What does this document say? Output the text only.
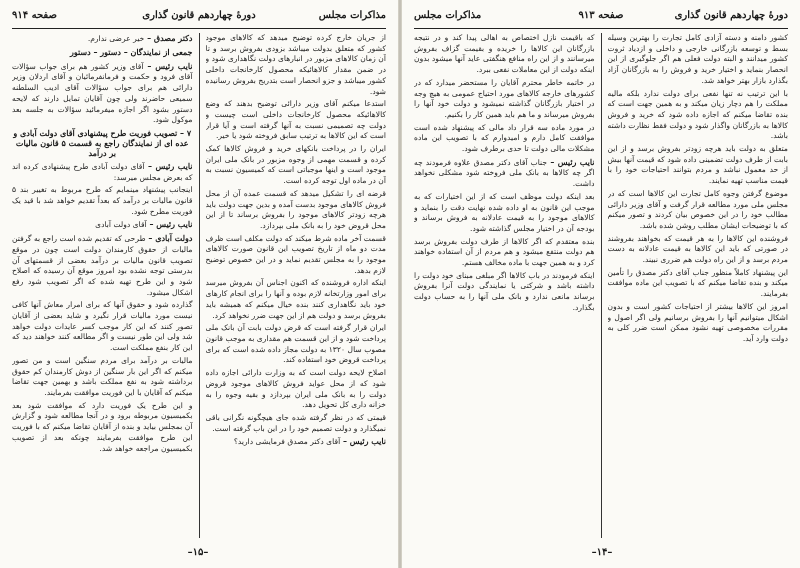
مذاکرات مجلس
دورهٔ چهاردهم قانون گذاری
صفحه ۹۱۴

از جریان خارج کرده توضیح میدهد که کالاهای موجود کشور که متعلق بدولت میباشد بزودی بفروش برسد و تا آن زمان کالاهای مزبور در انبارهای دولت نگاهداری شود و در ضمن مقدار کالاهائیکه محصول کارخانجات داخلی کشور میباشد و جزو انحصار است بتدریج بفروش رسانیده شود.

استدعا میکنم آقای وزیر دارائی توضیح بدهند که وضع کالاهائیکه محصول کارخانجات داخلی است چیست و دولت چه تصمیمی نسبت به آنها گرفته است و آیا قرار است که این کالاها به ترتیب سابق فروخته شود یا خیر.

ایران را در پرداخت بانکهای خرید و فروش کالاها کمک کرده و قسمت مهمی از وجوه مزبور در بانک ملی ایران موجود است و اینها موجباتی است که کمیسیون نسبت به آن در ماده اول توجه کرده است.

قرضه ای را تشکیل میدهد که قسمت عمده آن از محل فروش کالاهای موجود بدست آمده و بدین جهت دولت باید هرچه زودتر کالاهای موجود را بفروش برساند تا از این محل قروض خود را به بانک ملی بپردازد.

قسمت آخر ماده شرط میکند که دولت مکلف است ظرف مدت دو ماه از تاریخ تصویب این قانون صورت کالاهای موجود را به مجلس تقدیم نماید و در این خصوص توضیح لازم بدهد.

اینکه اداره فروشنده که اکنون اجناس آن بفروش میرسد برای امور وزارتخانه لازم بوده و آنها را برای انجام کارهای خود باید نگاهداری کنند بنده خیال میکنم که همیشه باید بفروش برسد و دولت هم از این جهت ضرر نخواهد کرد.

ایران قرار گرفته است که قرض دولت بابت آن بانک ملی پرداخت شود و از این قسمت هم مقداری به موجب قانون مصوب سال ۱۳۲۰ به دولت مجاز داده شده است که برای پرداخت قروض خود استفاده کند.

اصلاح لایحه دولت است که به وزارت دارائی اجازه داده شود که از محل عواید فروش کالاهای موجود قروض دولت را به بانک ملی ایران بپردازد و بقیه وجوه را به خزانه داری کل تحویل دهد.

قیمتی که در نظر گرفته شده جای هیچگونه نگرانی باقی نمیگذارد و دولت تصمیم خود را در این باب گرفته است.

نایب رئیس – آقای دکتر مصدق فرمایشی دارید؟

دکتر مصدق – خیر عرضی ندارم.

جمعی از نمایندگان – دستور – دستور

نایب رئیس – آقای وزیر کشور هم برای جواب سؤالات آقای فرود و حکمت و فرمانفرمائیان و آقای اردلان وزیر دارائی هم برای جواب سؤالات آقای ادیب السلطنه سمیعی حاضرند ولی چون آقایان تمایل دارند که لایحه دستور بشود اگر اجازه میفرمائید سؤالات به جلسه بعد موکول شود.

۷ – تصویب فوریت طرح پیشنهادی آقای دولت آبادی و عده ای از نمایندگان راجع به قسمت ۵ قانون مالیات بر درآمد

نایب رئیس – آقای دولت آبادی طرح پیشنهادی کرده اند که بعرض مجلس میرسد:

اینجانب پیشنهاد مینمایم که طرح مربوط به تغییر بند ۵ قانون مالیات بر درآمد که بعداً تقدیم خواهد شد با قید یک فوریت مطرح شود.

نایب رئیس – آقای دولت آبادی

دولت آبادی – طرحی که تقدیم شده است راجع به گرفتن مالیات از حقوق کارمندان دولت است چون در موقع تصویب قانون مالیات بر درآمد بعضی از قسمتهای آن بدرستی توجه نشده بود امروز موقع آن رسیده که اصلاح شود و این طرح تهیه شده که اگر تصویب شود رفع اشکال میشود.

گذارده شود و حقوق آنها که برای امرار معاش آنها کافی نیست مورد مالیات قرار نگیرد و شاید بعضی از آقایان تصور کنند که این کار موجب کسر عایدات دولت خواهد شد ولی این طور نیست و اگر مطالعه کنند خواهند دید که این کار بنفع مملکت است.

مالیات بر درآمد برای مردم سنگین است و من تصور میکنم که اگر این بار سنگین از دوش کارمندان کم حقوق برداشته شود به نفع مملکت باشد و بهمین جهت تقاضا میکنم که آقایان با این فوریت موافقت بفرمایند.

و این طرح یک فوریت دارد که موافقت شود بعد بکمیسیون مربوطه برود و در آنجا مطالعه شود و گزارش آن بمجلس بیاید و بنده از آقایان تقاضا میکنم که با فوریت این طرح موافقت بفرمایند چونکه بعد از تصویب بکمیسیون مراجعه خواهد شد.

–۱۵–
دورهٔ چهاردهم قانون گذاری
صفحه ۹۱۳
مذاکرات مجلس

کشور دامنه و دسته آزادی کامل تجارت را بهترین وسیله بسط و توسعه بازرگانی خارجی و داخلی و ازدیاد ثروت کشور میدانند و البته دولت فعلی هم اگر جلوگیری از این انحصار بنماید و اختیار خرید و فروش را به بازرگانان آزاد بگذارد بازار بهتر خواهد شد.

با این ترتیب نه تنها نفعی برای دولت ندارد بلکه مالیه مملکت را هم دچار زیان میکند و به همین جهت است که بنده تقاضا میکنم که اجازه داده شود که خرید و فروش کالاها به بازرگانان واگذار شود و دولت فقط نظارت داشته باشد.

متعلق به دولت باید هرچه زودتر بفروش برسد و از این بابت از طرف دولت تضمینی داده شود که قیمت آنها بیش از حد معمول نباشد و مردم بتوانند احتیاجات خود را با قیمت مناسب تهیه نمایند.

موضوع گرفتن وجوه کامل تجارت این کالاها است که در مجلس ملی مورد مطالعه قرار گرفت و آقای وزیر دارائی مطالب خود را در این خصوص بیان کردند و تصور میکنم که با توضیحات ایشان مطلب روشن شده باشد.

فروشنده این کالاها را به هر قیمت که بخواهند بفروشند در صورتی که باید این کالاها به قیمت عادلانه به دست مردم برسد و از این راه دولت هم ضرری نبیند.

این پیشنهاد کاملاً منظور جناب آقای دکتر مصدق را تأمین میکند و بنده تقاضا میکنم که با تصویب این ماده موافقت بفرمایند.

امروز این کالاها بیشتر از احتیاجات کشور است و بدون اشکال میتوانیم آنها را بفروش برسانیم ولی اگر اصول و مقررات مخصوصی تهیه نشود ممکن است ضرر کلی به دولت وارد آید.

که باقیمت نازل اختصاص به اهالی پیدا کند و در نتیجه بازرگانان این کالاها را خریده و بقیمت گزاف بفروش میرسانند و از این راه منافع هنگفتی عاید آنها میشود بدون اینکه دولت از این معاملات نفعی ببرد.

در خاتمه خاطر محترم آقایان را مستحضر میدارد که در کشورهای خارجه کالاهای مورد احتیاج عمومی به هیچ وجه در اختیار بازرگانان گذاشته نمیشود و دولت خود آنها را بفروش میرساند و ما هم باید همین کار را بکنیم.

در مورد ماده سه قرار داد مالی که پیشنهاد شده است موافقت کامل دارم و امیدوارم که با تصویب این ماده مشکلات مالی دولت تا حدی برطرف شود.

نایب رئیس – جناب آقای دکتر مصدق علاوه فرمودند چه اگر چه کالاها به بانک ملی فروخته شود مشکلی نخواهد داشت.

بعد اینکه دولت موظف است که از این اختیارات که به موجب این قانون به او داده شده نهایت دقت را بنماید و کالاهای موجود را به قیمت عادلانه به فروش برساند و بودجه آن در اختیار مجلس گذاشته شود.

بنده معتقدم که اگر کالاها از طرف دولت بفروش برسد هم دولت منتفع میشود و هم مردم از آن استفاده خواهند کرد و به همین جهت با ماده مخالف هستم.

اینکه فرمودند در باب کالاها اگر مبلغی مبنای خود دولت را داشته باشد و شرکتی یا نمایندگی دولت آنرا بفروش برساند مانعی ندارد و بانک ملی آنها را به حساب دولت بگذارد.

–۱۴–
